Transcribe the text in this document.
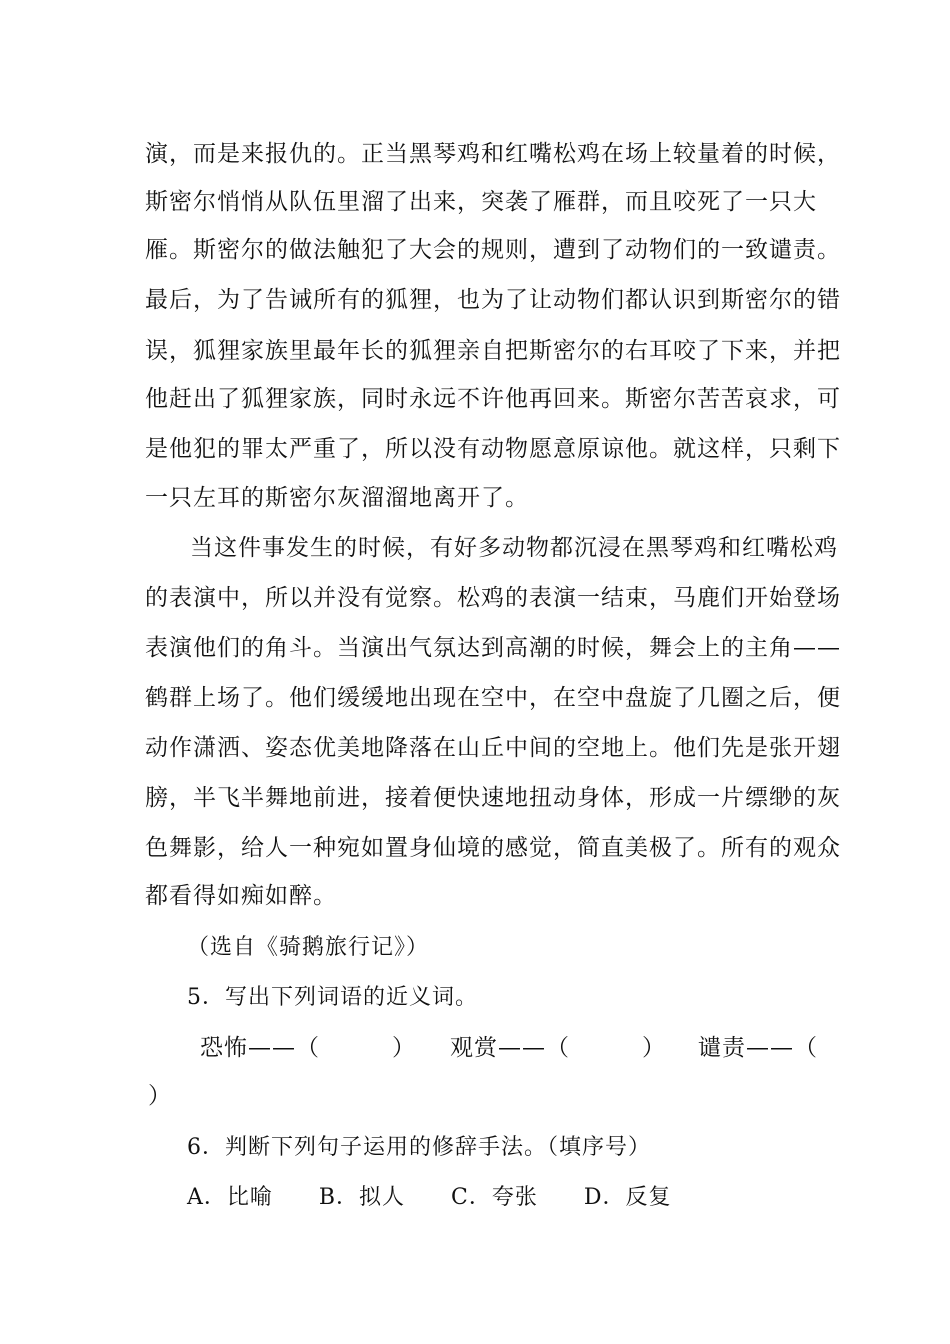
演，而是来报仇的。正当黑琴鸡和红嘴松鸡在场上较量着的时候，
斯密尔悄悄从队伍里溜了出来，突袭了雁群，而且咬死了一只大
雁。斯密尔的做法触犯了大会的规则，遭到了动物们的一致谴责。
最后，为了告诫所有的狐狸，也为了让动物们都认识到斯密尔的错
误，狐狸家族里最年长的狐狸亲自把斯密尔的右耳咬了下来，并把
他赶出了狐狸家族，同时永远不许他再回来。斯密尔苦苦哀求，可
是他犯的罪太严重了，所以没有动物愿意原谅他。就这样，只剩下
一只左耳的斯密尔灰溜溜地离开了。
当这件事发生的时候，有好多动物都沉浸在黑琴鸡和红嘴松鸡
的表演中，所以并没有觉察。松鸡的表演一结束，马鹿们开始登场
表演他们的角斗。当演出气氛达到高潮的时候，舞会上的主角——
鹤群上场了。他们缓缓地出现在空中，在空中盘旋了几圈之后，便
动作潇洒、姿态优美地降落在山丘中间的空地上。他们先是张开翅
膀，半飞半舞地前进，接着便快速地扭动身体，形成一片缥缈的灰
色舞影，给人一种宛如置身仙境的感觉，简直美极了。所有的观众
都看得如痴如醉。
（选自《骑鹅旅行记》）
5．写出下列词语的近义词。
恐怖——（　　　） 观赏——（　　　） 谴责——（
）
6．判断下列句子运用的修辞手法。（填序号）
A．比喻　　B．拟人　　C．夸张　　D．反复
